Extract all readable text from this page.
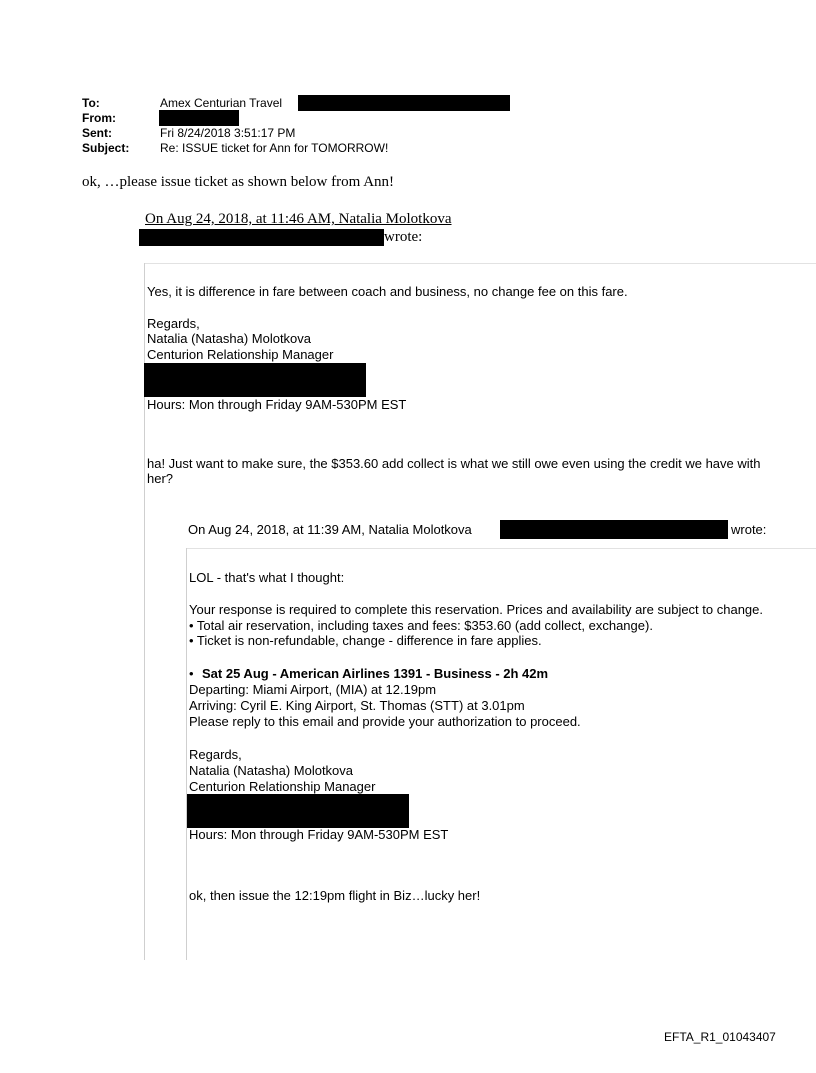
To:	Amex Centurian Travel
From:
Sent:	Fri 8/24/2018 3:51:17 PM
Subject:	Re: ISSUE ticket for Ann for TOMORROW!
ok, …please issue ticket as shown below from Ann!
On Aug 24, 2018, at 11:46 AM, Natalia Molotkova
wrote:
Yes, it is difference in fare between coach and business, no change fee on this fare.
Regards,
Natalia (Natasha) Molotkova
Centurion Relationship Manager
Hours: Mon through Friday 9AM-530PM EST
ha! Just want to make sure, the $353.60 add collect is what we still owe even using the credit we have with
her?
On Aug 24, 2018, at 11:39 AM, Natalia Molotkova	wrote:
LOL - that's what I thought:
Your response is required to complete this reservation. Prices and availability are subject to change.
• Total air reservation, including taxes and fees: $353.60 (add collect, exchange).
• Ticket is non-refundable, change - difference in fare applies.
• Sat 25 Aug - American Airlines 1391 - Business - 2h 42m
Departing: Miami Airport, (MIA) at 12.19pm
Arriving: Cyril E. King Airport, St. Thomas (STT) at 3.01pm
Please reply to this email and provide your authorization to proceed.
Regards,
Natalia (Natasha) Molotkova
Centurion Relationship Manager
Hours: Mon through Friday 9AM-530PM EST
ok, then issue the 12:19pm flight in Biz…lucky her!
EFTA_R1_01043407
